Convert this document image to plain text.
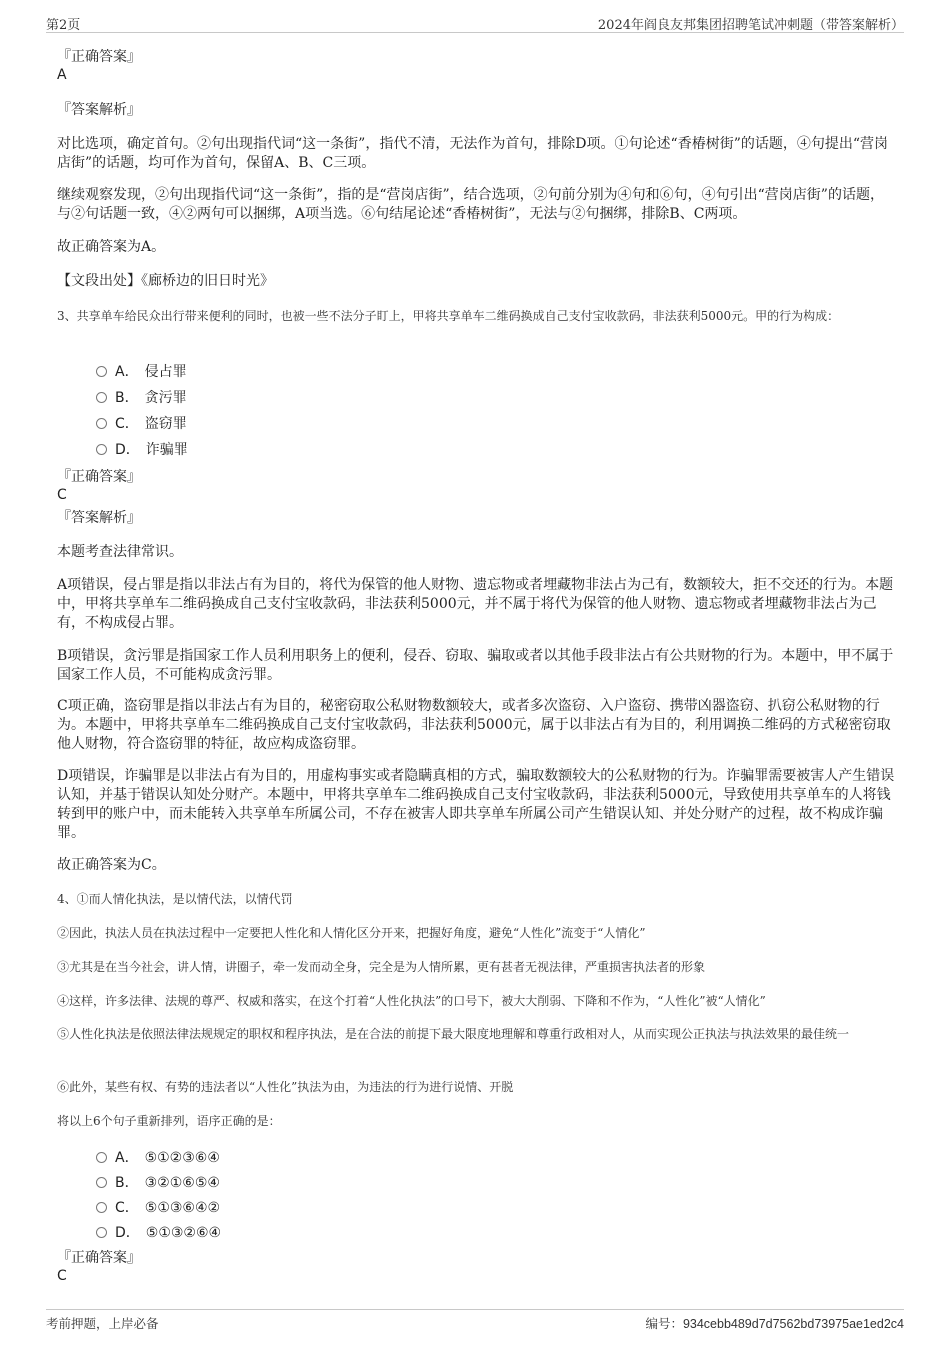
第2页	2024年阎良友邦集团招聘笔试冲刺题（带答案解析）
『正确答案』
A
『答案解析』
对比选项，确定首句。②句出现指代词“这一条街”，指代不清，无法作为首句，排除D项。①句论述“香椿树街”的话题，④句提出“营岗店街”的话题，均可作为首句，保留A、B、C三项。
继续观察发现，②句出现指代词“这一条街”，指的是“营岗店街”，结合选项，②句前分别为④句和⑥句，④句引出“营岗店街”的话题，与②句话题一致，④②两句可以捆绑，A项当选。⑥句结尾论述“香椿树街”，无法与②句捆绑，排除B、C两项。
故正确答案为A。
【文段出处】《廊桥边的旧日时光》
3、共享单车给民众出行带来便利的同时，也被一些不法分子盯上，甲将共享单车二维码换成自己支付宝收款码，非法获利5000元。甲的行为构成：
A． 侵占罪
B． 贪污罪
C． 盗窃罪
D． 诈骗罪
『正确答案』
C
『答案解析』
本题考查法律常识。
A项错误，侵占罪是指以非法占有为目的，将代为保管的他人财物、遗忘物或者埋藏物非法占为己有，数额较大，拒不交还的行为。本题中，甲将共享单车二维码换成自己支付宝收款码，非法获利5000元，并不属于将代为保管的他人财物、遗忘物或者埋藏物非法占为己有，不构成侵占罪。
B项错误，贪污罪是指国家工作人员利用职务上的便利，侵吞、窃取、骗取或者以其他手段非法占有公共财物的行为。本题中，甲不属于国家工作人员，不可能构成贪污罪。
C项正确，盗窃罪是指以非法占有为目的，秘密窃取公私财物数额较大，或者多次盗窃、入户盗窃、携带凶器盗窃、扒窃公私财物的行为。本题中，甲将共享单车二维码换成自己支付宝收款码，非法获利5000元，属于以非法占有为目的，利用调换二维码的方式秘密窃取他人财物，符合盗窃罪的特征，故应构成盗窃罪。
D项错误，诈骗罪是以非法占有为目的，用虚构事实或者隐瞒真相的方式，骗取数额较大的公私财物的行为。诈骗罪需要被害人产生错误认知，并基于错误认知处分财产。本题中，甲将共享单车二维码换成自己支付宝收款码，非法获利5000元，导致使用共享单车的人将钱转到甲的账户中，而未能转入共享单车所属公司，不存在被害人即共享单车所属公司产生错误认知、并处分财产的过程，故不构成诈骗罪。
故正确答案为C。
4、①而人情化执法，是以情代法，以情代罚
②因此，执法人员在执法过程中一定要把人性化和人情化区分开来，把握好角度，避免“人性化”流变于“人情化”
③尤其是在当今社会，讲人情，讲圈子，牵一发而动全身，完全是为人情所累，更有甚者无视法律，严重损害执法者的形象
④这样，许多法律、法规的尊严、权威和落实，在这个打着“人性化执法”的口号下，被大大削弱、下降和不作为，“人性化”被“人情化”
⑤人性化执法是依照法律法规规定的职权和程序执法，是在合法的前提下最大限度地理解和尊重行政相对人，从而实现公正执法与执法效果的最佳统一
⑥此外，某些有权、有势的违法者以“人性化”执法为由，为违法的行为进行说情、开脱
将以上6个句子重新排列，语序正确的是：
A． ⑤①②③⑥④
B． ③②①⑥⑤④
C． ⑤①③⑥④②
D． ⑤①③②⑥④
『正确答案』
C
考前押题，上岸必备	编号：934cebb489d7d7562bd73975ae1ed2c4
